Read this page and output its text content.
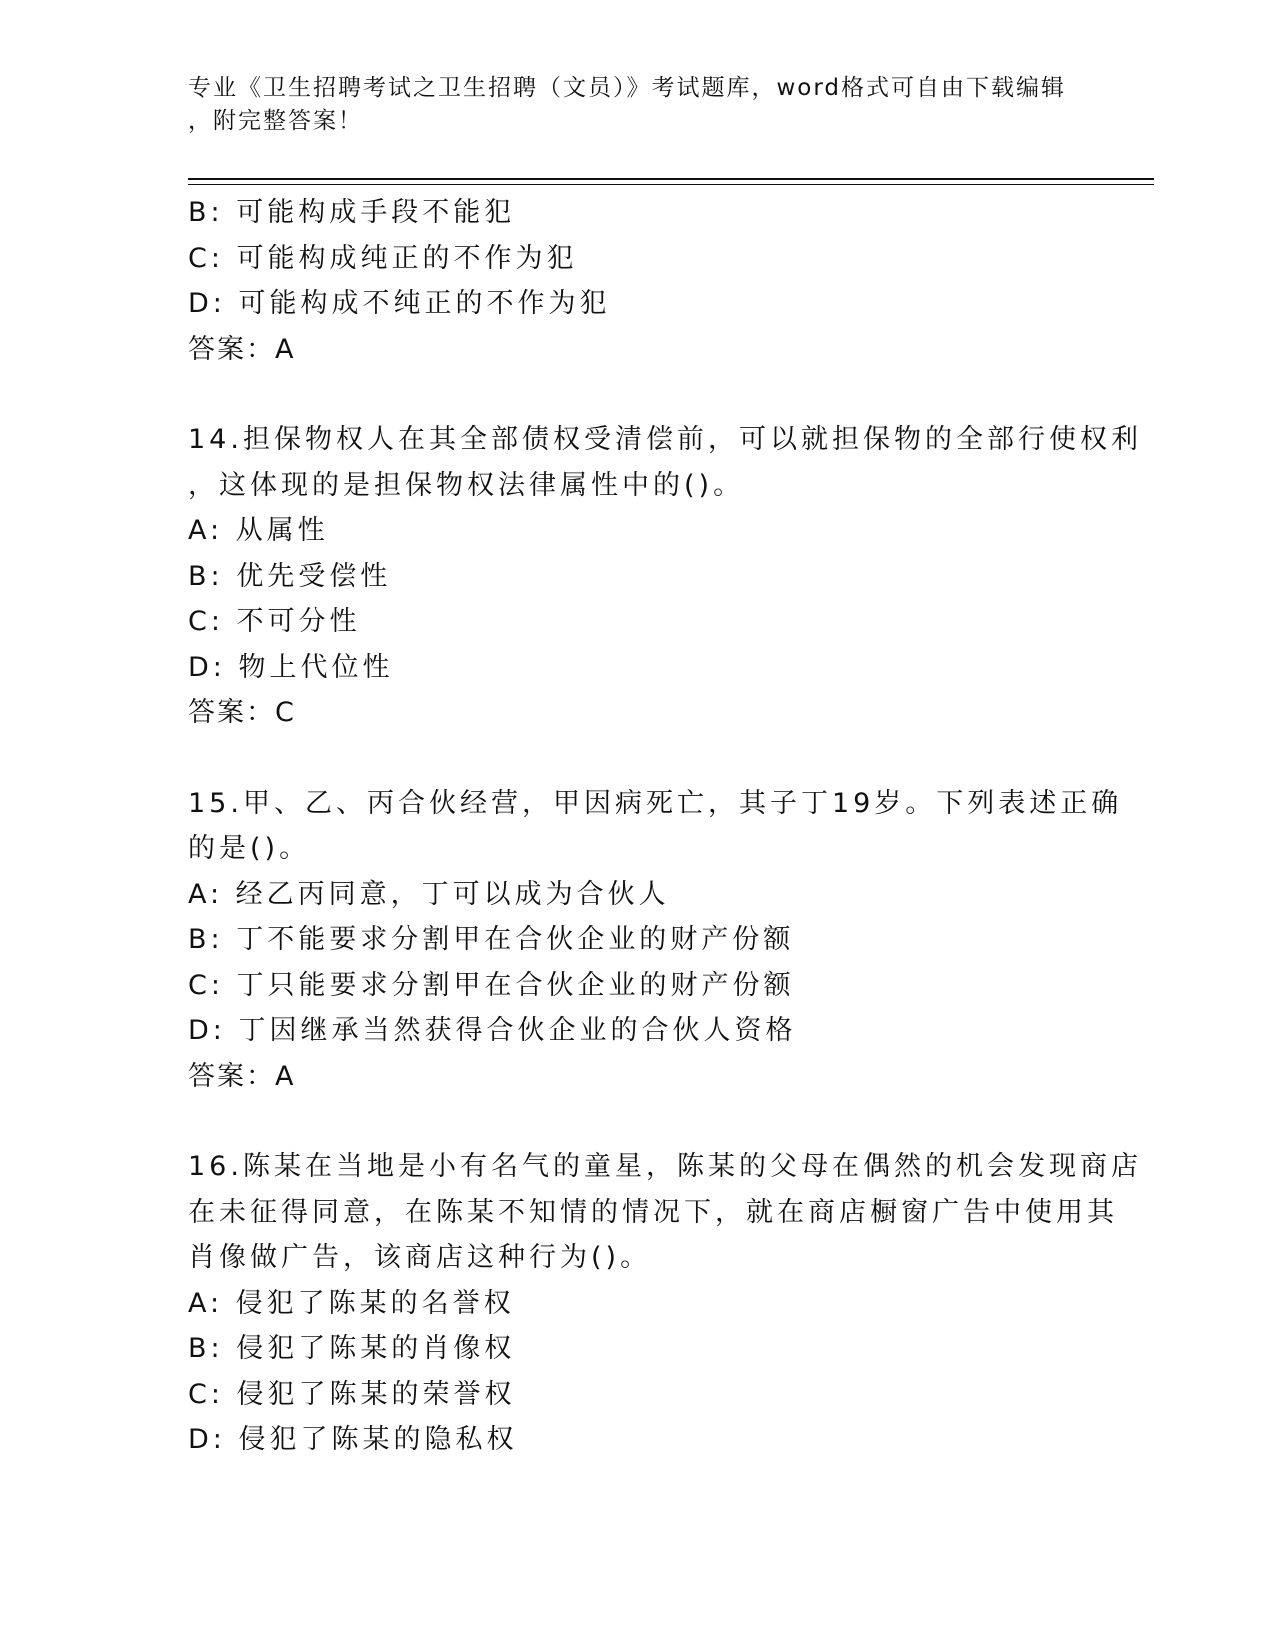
专业《卫生招聘考试之卫生招聘（文员）》考试题库，word格式可自由下载编辑
，附完整答案！
B: 可能构成手段不能犯
C: 可能构成纯正的不作为犯
D: 可能构成不纯正的不作为犯
答案：A
14.担保物权人在其全部债权受清偿前，可以就担保物的全部行使权利
，这体现的是担保物权法律属性中的()。
A: 从属性
B: 优先受偿性
C: 不可分性
D: 物上代位性
答案：C
15.甲、乙、丙合伙经营，甲因病死亡，其子丁19岁。下列表述正确
的是()。
A: 经乙丙同意，丁可以成为合伙人
B: 丁不能要求分割甲在合伙企业的财产份额
C: 丁只能要求分割甲在合伙企业的财产份额
D: 丁因继承当然获得合伙企业的合伙人资格
答案：A
16.陈某在当地是小有名气的童星，陈某的父母在偶然的机会发现商店
在未征得同意，在陈某不知情的情况下，就在商店橱窗广告中使用其
肖像做广告，该商店这种行为()。
A: 侵犯了陈某的名誉权
B: 侵犯了陈某的肖像权
C: 侵犯了陈某的荣誉权
D: 侵犯了陈某的隐私权
